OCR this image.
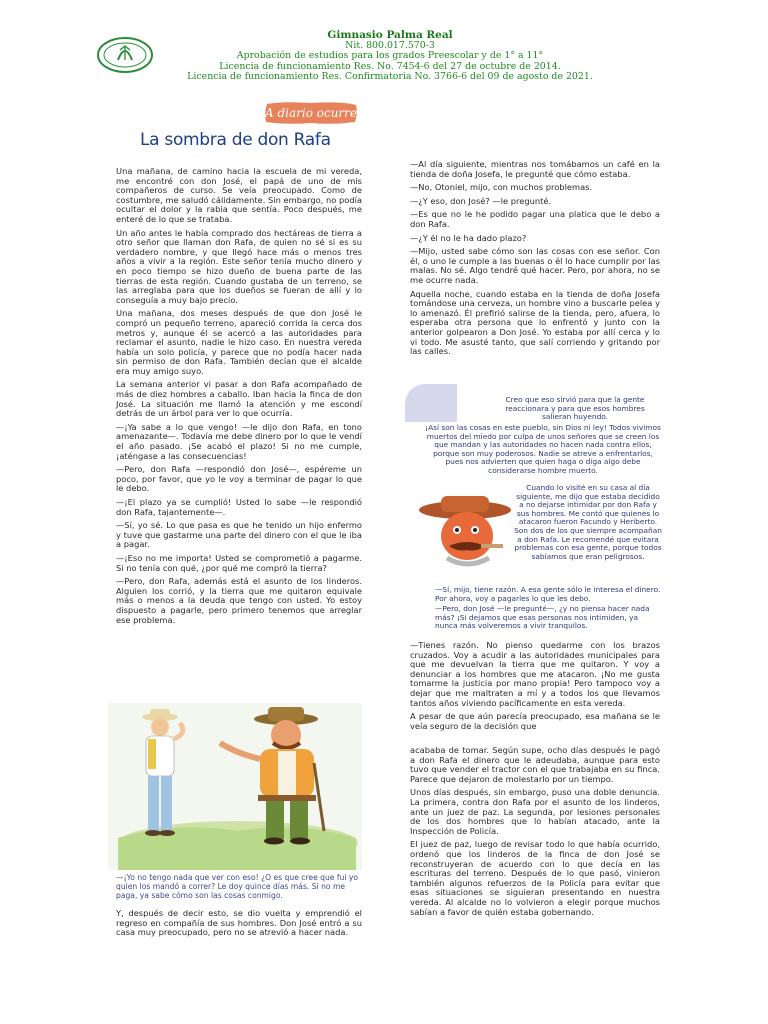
Gimnasio Palma Real
Nit. 800.017.570-3
Aprobación de estudios para los grados Preescolar y de 1° a 11°
Licencia de funcionamiento Res. No. 7454-6 del 27 de octubre de 2014.
Licencia de funcionamiento Res. Confirmatoria No. 3766-6 del 09 de agosto de 2021.
A diario ocurre
La sombra de don Rafa

Una mañana, de camino hacia la escuela de mi vereda, me encontré con don José, el papá de uno de mis compañeros de curso. Se veía preocupado. Como de costumbre, me saludó cálidamente. Sin embargo, no podía ocultar el dolor y la rabia que sentía. Poco después, me enteré de lo que se trataba.

Un año antes le había comprado dos hectáreas de tierra a otro señor que llaman don Rafa, de quien no sé si es su verdadero nombre, y que llegó hace más o menos tres años a vivir a la región. Este señor tenía mucho dinero y en poco tiempo se hizo dueño de buena parte de las tierras de esta región. Cuando gustaba de un terreno, se las arreglaba para que los dueños se fueran de allí y lo conseguía a muy bajo precio.

Una mañana, dos meses después de que don José le compró un pequeño terreno, apareció corrida la cerca dos metros y, aunque él se acercó a las autoridades para reclamar el asunto, nadie le hizo caso. En nuestra vereda había un solo policía, y parece que no podía hacer nada sin permiso de don Rafa. También decían que el alcalde era muy amigo suyo.

La semana anterior vi pasar a don Rafa acompañado de más de diez hombres a caballo. Iban hacia la finca de don José. La situación me llamó la atención y me escondí detrás de un árbol para ver lo que ocurría.

—¡Ya sabe a lo que vengo! —le dijo don Rafa, en tono amenazante—. Todavía me debe dinero por lo que le vendí el año pasado. ¡Se acabó el plazo! Si no me cumple, ¡aténgase a las consecuencias!

—Pero, don Rafa —respondió don José—, espéreme un poco, por favor, que yo le voy a terminar de pagar lo que le debo.

—¡El plazo ya se cumplió! Usted lo sabe —le respondió don Rafa, tajantemente—.

—Sí, yo sé. Lo que pasa es que he tenido un hijo enfermo y tuve que gastarme una parte del dinero con el que le iba a pagar.

—¡Eso no me importa! Usted se comprometió a pagarme. Si no tenía con qué, ¿por qué me compró la tierra?

—Pero, don Rafa, además está el asunto de los linderos. Alguien los corrió, y la tierra que me quitaron equivale más o menos a la deuda que tengo con usted. Yo estoy dispuesto a pagarle, pero primero tenemos que arreglar ese problema.

—¡Yo no tengo nada que ver con eso! ¿O es que cree que fui yo quien los mandó a correr? Le doy quince días más. Si no me paga, ya sabe cómo son las cosas conmigo.
Y, después de decir esto, se dio vuelta y emprendió el regreso en compañía de sus hombres. Don José entró a su casa muy preocupado, pero no se atrevió a hacer nada.

—Al día siguiente, mientras nos tomábamos un café en la tienda de doña Josefa, le pregunté que cómo estaba.

—No, Otoniel, mijo, con muchos problemas.

—¿Y eso, don José? —le pregunté.

—Es que no le he podido pagar una platica que le debo a don Rafa.

—¿Y él no le ha dado plazo?

—Mijo, usted sabe cómo son las cosas con ese señor. Con él, o uno le cumple a las buenas o él lo hace cumplir por las malas. No sé. Algo tendré qué hacer. Pero, por ahora, no se me ocurre nada.

Aquella noche, cuando estaba en la tienda de doña Josefa tomándose una cerveza, un hombre vino a buscarle pelea y lo amenazó. Él prefirió salirse de la tienda, pero, afuera, lo esperaba otra persona que lo enfrentó y junto con la anterior golpearon a Don José. Yo estaba por allí cerca y lo vi todo. Me asusté tanto, que salí corriendo y gritando por las calles.

Creo que eso sirvió para que la gente reaccionara y para que esos hombres salieran huyendo.
¡Así son las cosas en este pueblo, sin Dios ni ley! Todos vivimos muertos del miedo por culpa de unos señores que se creen los que mandan y las autoridades no hacen nada contra ellos, porque son muy poderosos. Nadie se atreve a enfrentarlos, pues nos advierten que quien haga o diga algo debe considerarse hombre muerto.
Cuando lo visité en su casa al día siguiente, me dijo que estaba decidido a no dejarse intimidar por don Rafa y sus hombres. Me contó que quienes lo atacaron fueron Facundo y Heriberto. Son dos de los que siempre acompañan a don Rafa. Le recomendé que evitara problemas con esa gente, porque todos sabíamos que eran peligrosos.
—Sí, mijo, tiene razón. A esa gente sólo le interesa el dinero. Por ahora, voy a pagarles lo que les debo.
—Pero, don José —le pregunté—, ¿y no piensa hacer nada más? ¡Si dejamos que esas personas nos intimiden, ya nunca más volveremos a vivir tranquilos.

—Tienes razón. No pienso quedarme con los brazos cruzados. Voy a acudir a las autoridades municipales para que me devuelvan la tierra que me quitaron. Y voy a denunciar a los hombres que me atacaron. ¡No me gusta tomarme la justicia por mano propia! Pero tampoco voy a dejar que me maltraten a mí y a todos los que llevamos tantos años viviendo pacíficamente en esta vereda.

A pesar de que aún parecía preocupado, esa mañana se le veía seguro de la decisión que

acababa de tomar. Según supe, ocho días después le pagó a don Rafa el dinero que le adeudaba, aunque para esto tuvo que vender el tractor con el que trabajaba en su finca. Parece que dejaron de molestarlo por un tiempo.

Unos días después, sin embargo, puso una doble denuncia. La primera, contra don Rafa por el asunto de los linderos, ante un juez de paz. La segunda, por lesiones personales de los dos hombres que lo habían atacado, ante la Inspección de Policía.

El juez de paz, luego de revisar todo lo que había ocurrido, ordenó que los linderos de la finca de don José se reconstruyeran de acuerdo con lo que decía en las escrituras del terreno. Después de lo que pasó, vinieron también algunos refuerzos de la Policía para evitar que esas situaciones se siguieran presentando en nuestra vereda. Al alcalde no lo volvieron a elegir porque muchos sabían a favor de quién estaba gobernando.
